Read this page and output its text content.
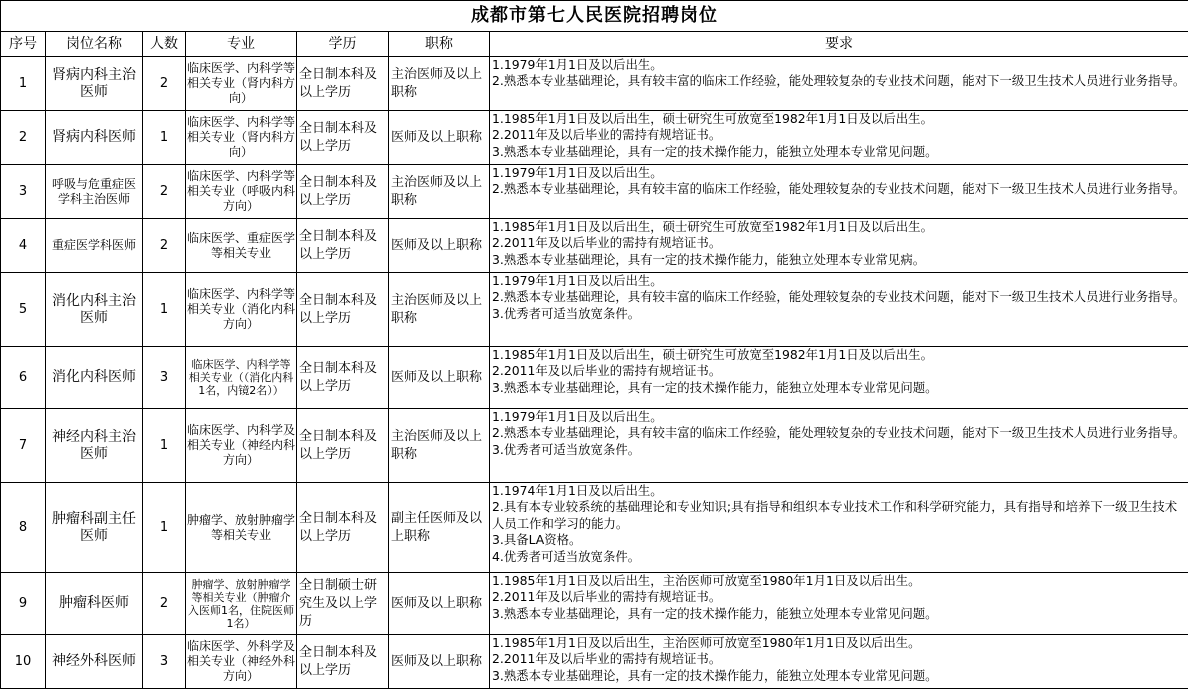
成都市第七人民医院招聘岗位						
序号	岗位名称	人数	专业	学历	职称	要求
1	肾病内科主治医师	2	临床医学、内科学等相关专业（肾内科方向）	全日制本科及以上学历	主治医师及以上职称	1.1979年1月1日及以后出生。
2.熟悉本专业基础理论，具有较丰富的临床工作经验，能处理较复杂的专业技术问题，能对下一级卫生技术人员进行业务指导。

2	肾病内科医师	1	临床医学、内科学等相关专业（肾内科方向）	全日制本科及以上学历	医师及以上职称	1.1985年1月1日及以后出生，硕士研究生可放宽至1982年1月1日及以后出生。
2.2011年及以后毕业的需持有规培证书。
3.熟悉本专业基础理论，具有一定的技术操作能力，能独立处理本专业常见问题。

3	呼吸与危重症医学科主治医师	2	临床医学、内科学等相关专业（呼吸内科方向）	全日制本科及以上学历	主治医师及以上职称	1.1979年1月1日及以后出生。
2.熟悉本专业基础理论，具有较丰富的临床工作经验，能处理较复杂的专业技术问题，能对下一级卫生技术人员进行业务指导。

4	重症医学科医师	2	临床医学、重症医学等相关专业	全日制本科及以上学历	医师及以上职称	1.1985年1月1日及以后出生，硕士研究生可放宽至1982年1月1日及以后出生。
2.2011年及以后毕业的需持有规培证书。
3.熟悉本专业基础理论，具有一定的技术操作能力，能独立处理本专业常见病。

5	消化内科主治医师	1	临床医学、内科学等相关专业（消化内科方向）	全日制本科及以上学历	主治医师及以上职称	1.1979年1月1日及以后出生。
2.熟悉本专业基础理论，具有较丰富的临床工作经验，能处理较复杂的专业技术问题，能对下一级卫生技术人员进行业务指导。
3.优秀者可适当放宽条件。

6	消化内科医师	3	临床医学、内科学等相关专业（（消化内科1名，内镜2名））	全日制本科及以上学历	医师及以上职称	1.1985年1月1日及以后出生，硕士研究生可放宽至1982年1月1日及以后出生。
2.2011年及以后毕业的需持有规培证书。
3.熟悉本专业基础理论，具有一定的技术操作能力，能独立处理本专业常见问题。

7	神经内科主治医师	1	临床医学、内科学及相关专业（神经内科方向）	全日制本科及以上学历	主治医师及以上职称	1.1979年1月1日及以后出生。
2.熟悉本专业基础理论，具有较丰富的临床工作经验，能处理较复杂的专业技术问题，能对下一级卫生技术人员进行业务指导。
3.优秀者可适当放宽条件。

8	肿瘤科副主任医师	1	肿瘤学、放射肿瘤学等相关专业	全日制本科及以上学历	副主任医师及以上职称	1.1974年1月1日及以后出生。
2.具有本专业较系统的基础理论和专业知识;具有指导和组织本专业技术工作和科学研究能力，具有指导和培养下一级卫生技术人员工作和学习的能力。
3.具备LA资格。
4.优秀者可适当放宽条件。

9	肿瘤科医师	2	肿瘤学、放射肿瘤学等相关专业（肿瘤介入医师1名，住院医师1名）	全日制硕士研究生及以上学历	医师及以上职称	1.1985年1月1日及以后出生，主治医师可放宽至1980年1月1日及以后出生。
2.2011年及以后毕业的需持有规培证书。
3.熟悉本专业基础理论，具有一定的技术操作能力，能独立处理本专业常见问题。

10	神经外科医师	3	临床医学、外科学及相关专业（神经外科方向）	全日制本科及以上学历	医师及以上职称	1.1985年1月1日及以后出生，主治医师可放宽至1980年1月1日及以后出生。
2.2011年及以后毕业的需持有规培证书。
3.熟悉本专业基础理论，具有一定的技术操作能力，能独立处理本专业常见问题。
